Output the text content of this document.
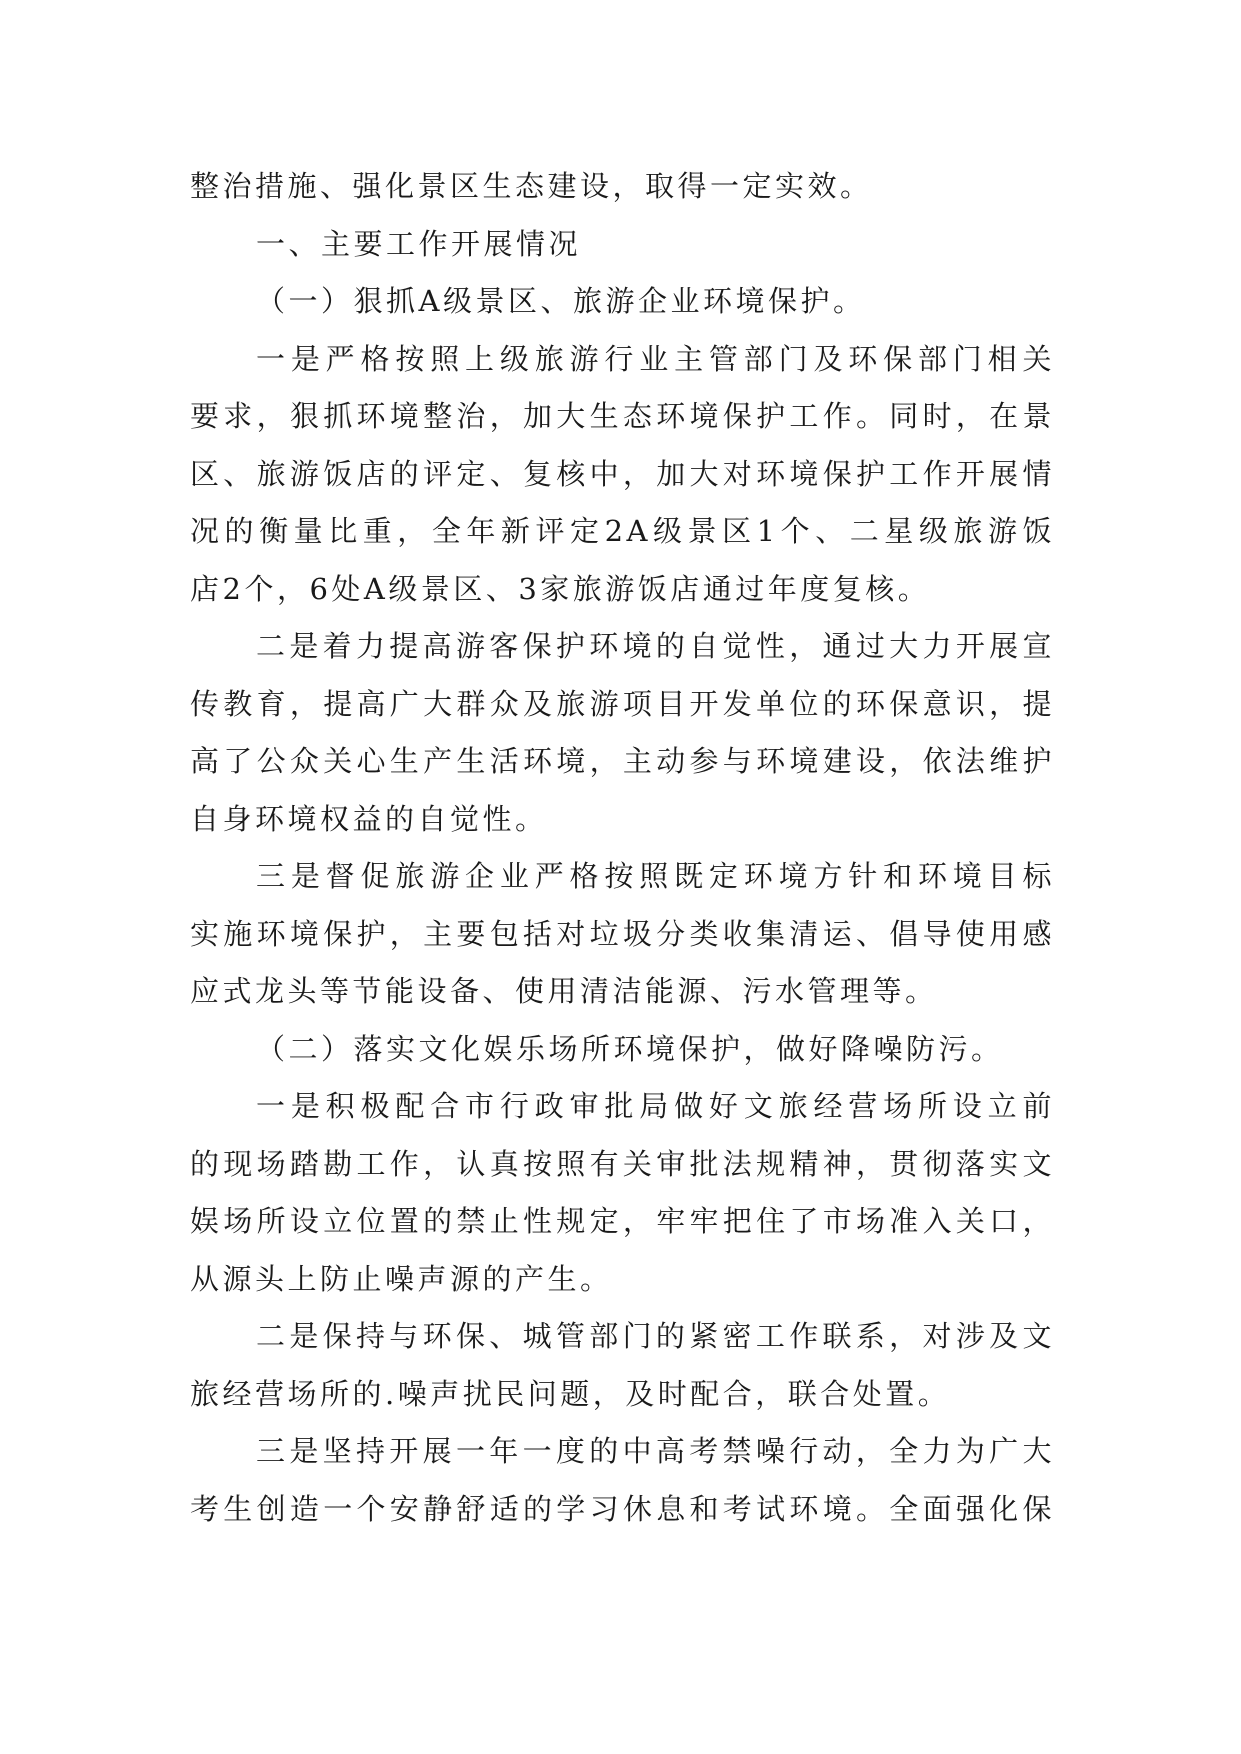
整治措施、强化景区生态建设，取得一定实效。
一、主要工作开展情况
（一）狠抓A级景区、旅游企业环境保护。
一是严格按照上级旅游行业主管部门及环保部门相关
要求，狠抓环境整治，加大生态环境保护工作。同时，在景
区、旅游饭店的评定、复核中，加大对环境保护工作开展情
况的衡量比重，全年新评定2A级景区1个、二星级旅游饭
店2个，6处A级景区、3家旅游饭店通过年度复核。
二是着力提高游客保护环境的自觉性，通过大力开展宣
传教育，提高广大群众及旅游项目开发单位的环保意识，提
高了公众关心生产生活环境，主动参与环境建设，依法维护
自身环境权益的自觉性。
三是督促旅游企业严格按照既定环境方针和环境目标
实施环境保护，主要包括对垃圾分类收集清运、倡导使用感
应式龙头等节能设备、使用清洁能源、污水管理等。
（二）落实文化娱乐场所环境保护，做好降噪防污。
一是积极配合市行政审批局做好文旅经营场所设立前
的现场踏勘工作，认真按照有关审批法规精神，贯彻落实文
娱场所设立位置的禁止性规定，牢牢把住了市场准入关口，
从源头上防止噪声源的产生。
二是保持与环保、城管部门的紧密工作联系，对涉及文
旅经营场所的.噪声扰民问题，及时配合，联合处置。
三是坚持开展一年一度的中高考禁噪行动，全力为广大
考生创造一个安静舒适的学习休息和考试环境。全面强化保
